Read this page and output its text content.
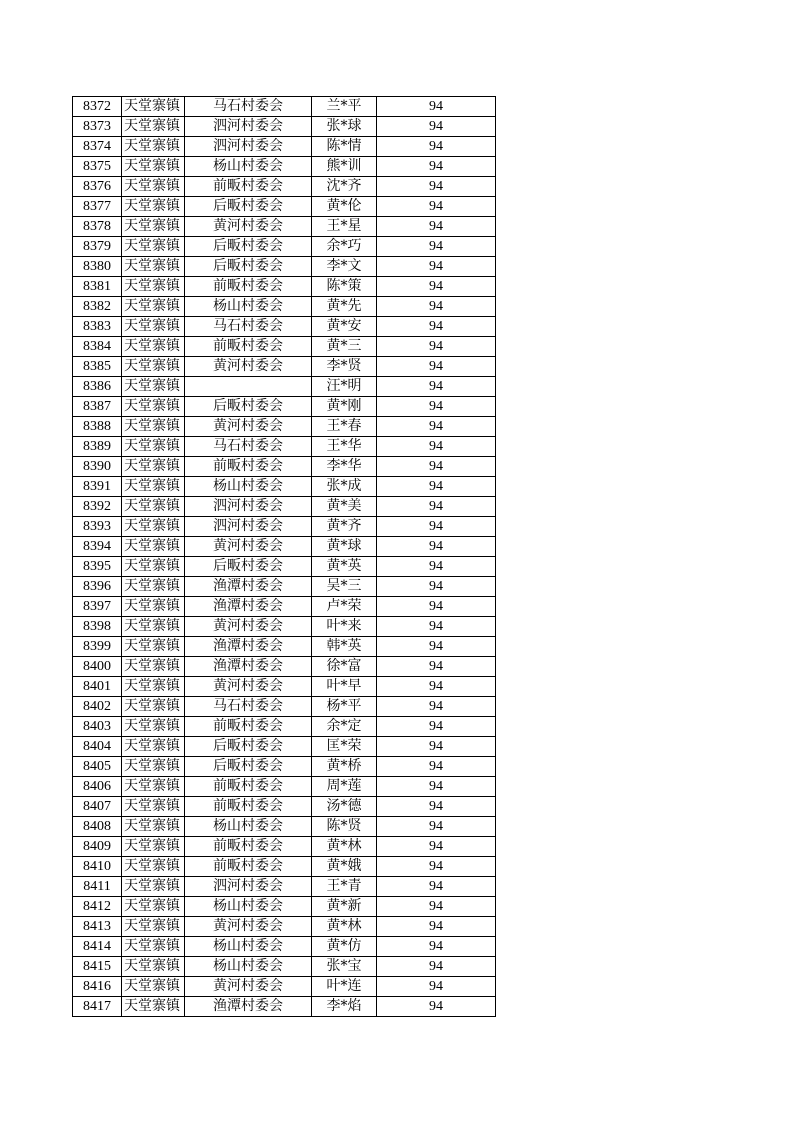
8372	天堂寨镇	马石村委会	兰*平	94
8373	天堂寨镇	泗河村委会	张*球	94
8374	天堂寨镇	泗河村委会	陈*情	94
8375	天堂寨镇	杨山村委会	熊*训	94
8376	天堂寨镇	前畈村委会	沈*齐	94
8377	天堂寨镇	后畈村委会	黄*伦	94
8378	天堂寨镇	黄河村委会	王*星	94
8379	天堂寨镇	后畈村委会	余*巧	94
8380	天堂寨镇	后畈村委会	李*文	94
8381	天堂寨镇	前畈村委会	陈*策	94
8382	天堂寨镇	杨山村委会	黄*先	94
8383	天堂寨镇	马石村委会	黄*安	94
8384	天堂寨镇	前畈村委会	黄*三	94
8385	天堂寨镇	黄河村委会	李*贤	94
8386	天堂寨镇		汪*明	94
8387	天堂寨镇	后畈村委会	黄*刚	94
8388	天堂寨镇	黄河村委会	王*春	94
8389	天堂寨镇	马石村委会	王*华	94
8390	天堂寨镇	前畈村委会	李*华	94
8391	天堂寨镇	杨山村委会	张*成	94
8392	天堂寨镇	泗河村委会	黄*美	94
8393	天堂寨镇	泗河村委会	黄*齐	94
8394	天堂寨镇	黄河村委会	黄*球	94
8395	天堂寨镇	后畈村委会	黄*英	94
8396	天堂寨镇	渔潭村委会	吴*三	94
8397	天堂寨镇	渔潭村委会	卢*荣	94
8398	天堂寨镇	黄河村委会	叶*来	94
8399	天堂寨镇	渔潭村委会	韩*英	94
8400	天堂寨镇	渔潭村委会	徐*富	94
8401	天堂寨镇	黄河村委会	叶*早	94
8402	天堂寨镇	马石村委会	杨*平	94
8403	天堂寨镇	前畈村委会	余*定	94
8404	天堂寨镇	后畈村委会	匡*荣	94
8405	天堂寨镇	后畈村委会	黄*桥	94
8406	天堂寨镇	前畈村委会	周*莲	94
8407	天堂寨镇	前畈村委会	汤*德	94
8408	天堂寨镇	杨山村委会	陈*贤	94
8409	天堂寨镇	前畈村委会	黄*林	94
8410	天堂寨镇	前畈村委会	黄*娥	94
8411	天堂寨镇	泗河村委会	王*青	94
8412	天堂寨镇	杨山村委会	黄*新	94
8413	天堂寨镇	黄河村委会	黄*林	94
8414	天堂寨镇	杨山村委会	黄*仿	94
8415	天堂寨镇	杨山村委会	张*宝	94
8416	天堂寨镇	黄河村委会	叶*连	94
8417	天堂寨镇	渔潭村委会	李*焰	94
